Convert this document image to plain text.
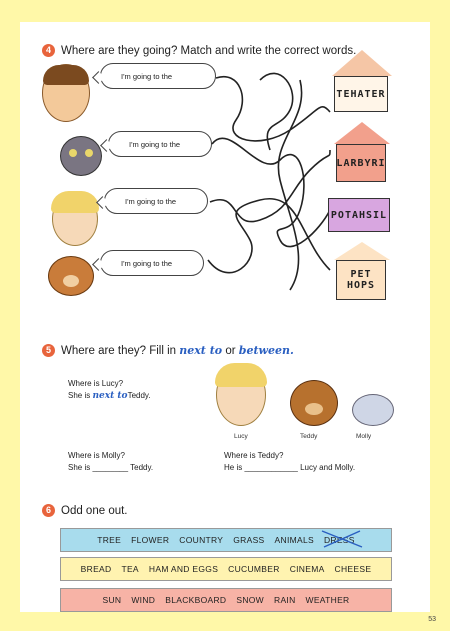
4 Where are they going? Match and write the correct words.
I'm going to the
I'm going to the
I'm going to the
I'm going to the
TEHATER
LARBYRI
POTAHSIL
PET HOPS
5 Where are they? Fill in
next to
or
between.
Where is Lucy?
She is next toTeddy.
Lucy	Teddy	Molly
Where is Molly?
She is ________ Teddy.
Where is Teddy?
He is ____________ Lucy and Molly.
6 Odd one out.
TREE FLOWER COUNTRY GRASS ANIMALS DRESS
BREAD TEA HAM AND EGGS CUCUMBER CINEMA CHEESE
SUN WIND BLACKBOARD SNOW RAIN WEATHER
53
